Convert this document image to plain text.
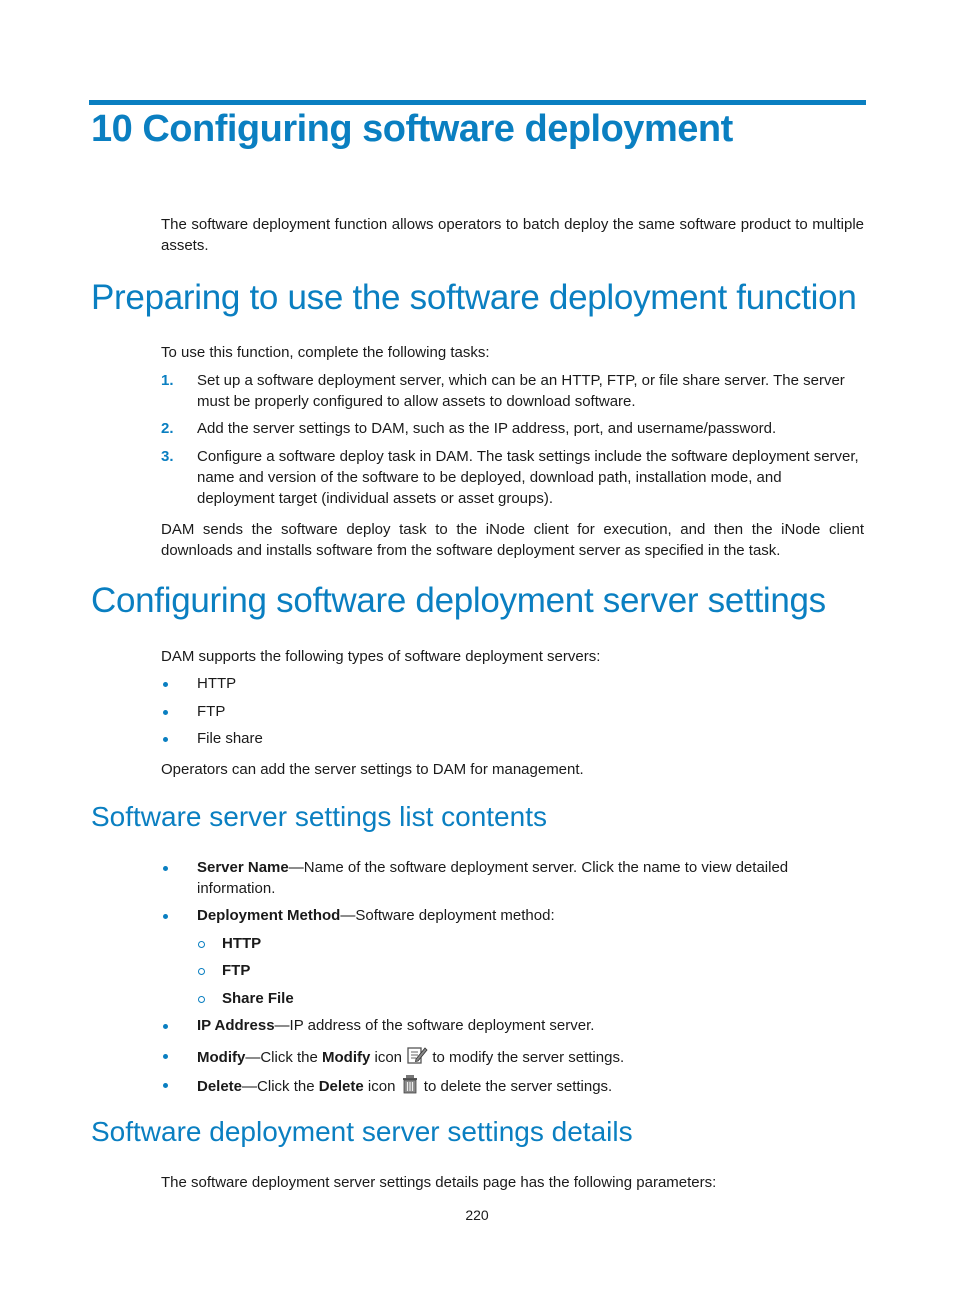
10 Configuring software deployment

The software deployment function allows operators to batch deploy the same software product to multiple assets.

Preparing to use the software deployment function

To use this function, complete the following tasks:

1. Set up a software deployment server, which can be an HTTP, FTP, or file share server. The server must be properly configured to allow assets to download software.

2. Add the server settings to DAM, such as the IP address, port, and username/password.

3. Configure a software deploy task in DAM. The task settings include the software deployment server, name and version of the software to be deployed, download path, installation mode, and deployment target (individual assets or asset groups).

DAM sends the software deploy task to the iNode client for execution, and then the iNode client downloads and installs software from the software deployment server as specified in the task.

Configuring software deployment server settings

DAM supports the following types of software deployment servers:

HTTP

FTP

File share

Operators can add the server settings to DAM for management.

Software server settings list contents

Server Name—Name of the software deployment server. Click the name to view detailed information.

Deployment Method—Software deployment method:

HTTP
FTP
Share File

IP Address—IP address of the software deployment server.

Modify—Click the Modify icon  to modify the server settings.

Delete—Click the Delete icon  to delete the server settings.

Software deployment server settings details

The software deployment server settings details page has the following parameters:

220
